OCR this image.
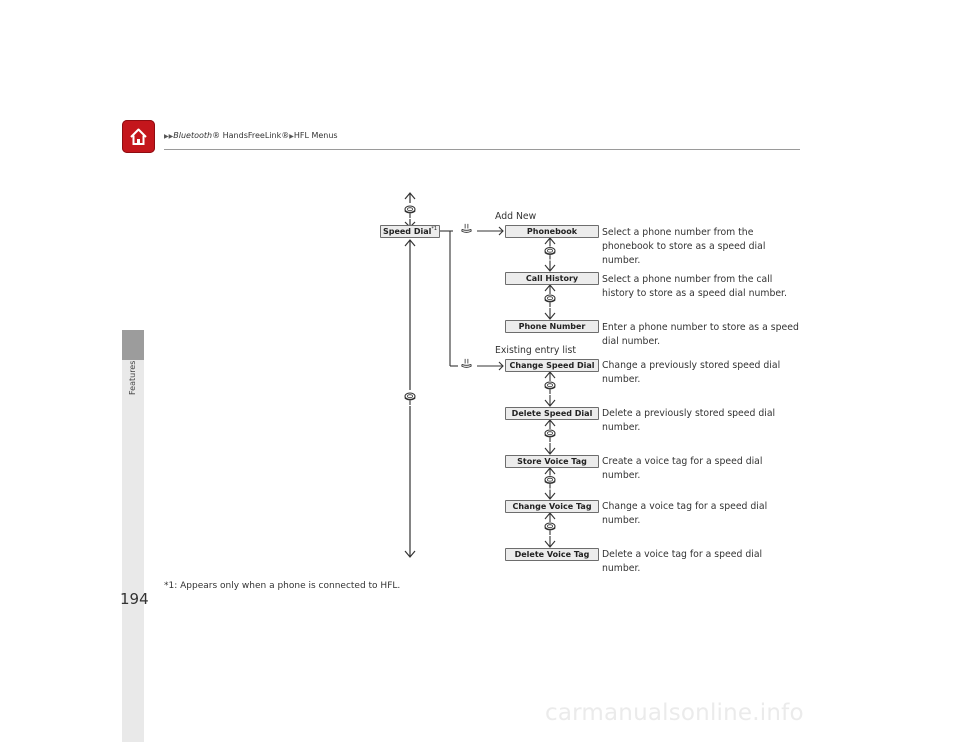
▶▶Bluetooth® HandsFreeLink®▶HFL Menus
Features
194
Speed Dial$^{*1}$
Add New
Existing entry list
Phonebook
Call History
Phone Number
Change Speed Dial
Delete Speed Dial
Store Voice Tag
Change Voice Tag
Delete Voice Tag
Select a phone number from the phonebook to store as a speed dial number.
Select a phone number from the call history to store as a speed dial number.
Enter a phone number to store as a speed dial number.
Change a previously stored speed dial number.
Delete a previously stored speed dial number.
Create a voice tag for a speed dial number.
Change a voice tag for a speed dial number.
Delete a voice tag for a speed dial number.
*1: Appears only when a phone is connected to HFL.
carmanualsonline.info
